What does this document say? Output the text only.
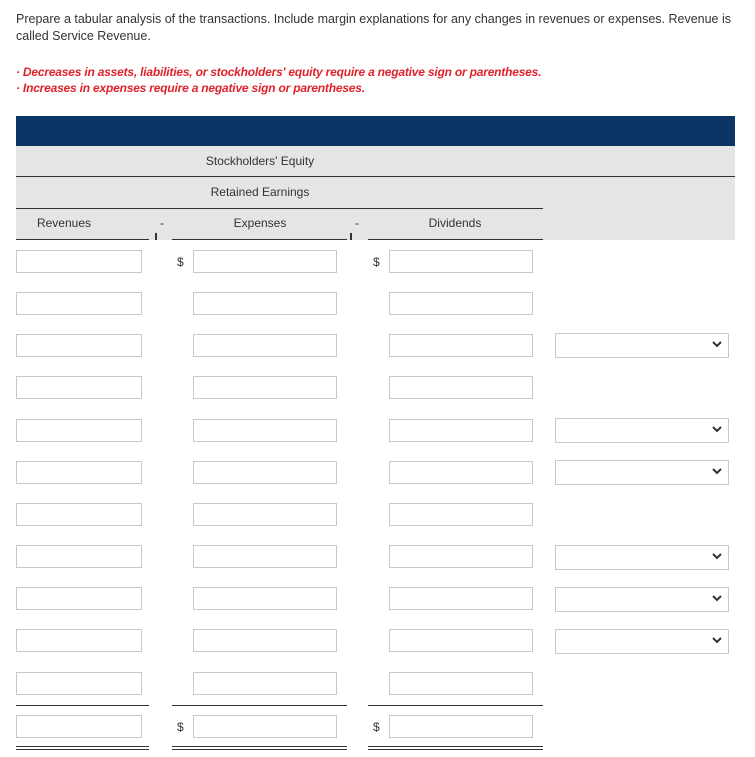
Prepare a tabular analysis of the transactions. Include margin explanations for any changes in revenues or expenses. Revenue is called Service Revenue.
· Decreases in assets, liabilities, or stockholders' equity require a negative sign or parentheses.
· Increases in expenses require a negative sign or parentheses.
Stockholders' Equity
Retained Earnings
Revenues	-	Expenses	-	Dividends
$	$
$	$
